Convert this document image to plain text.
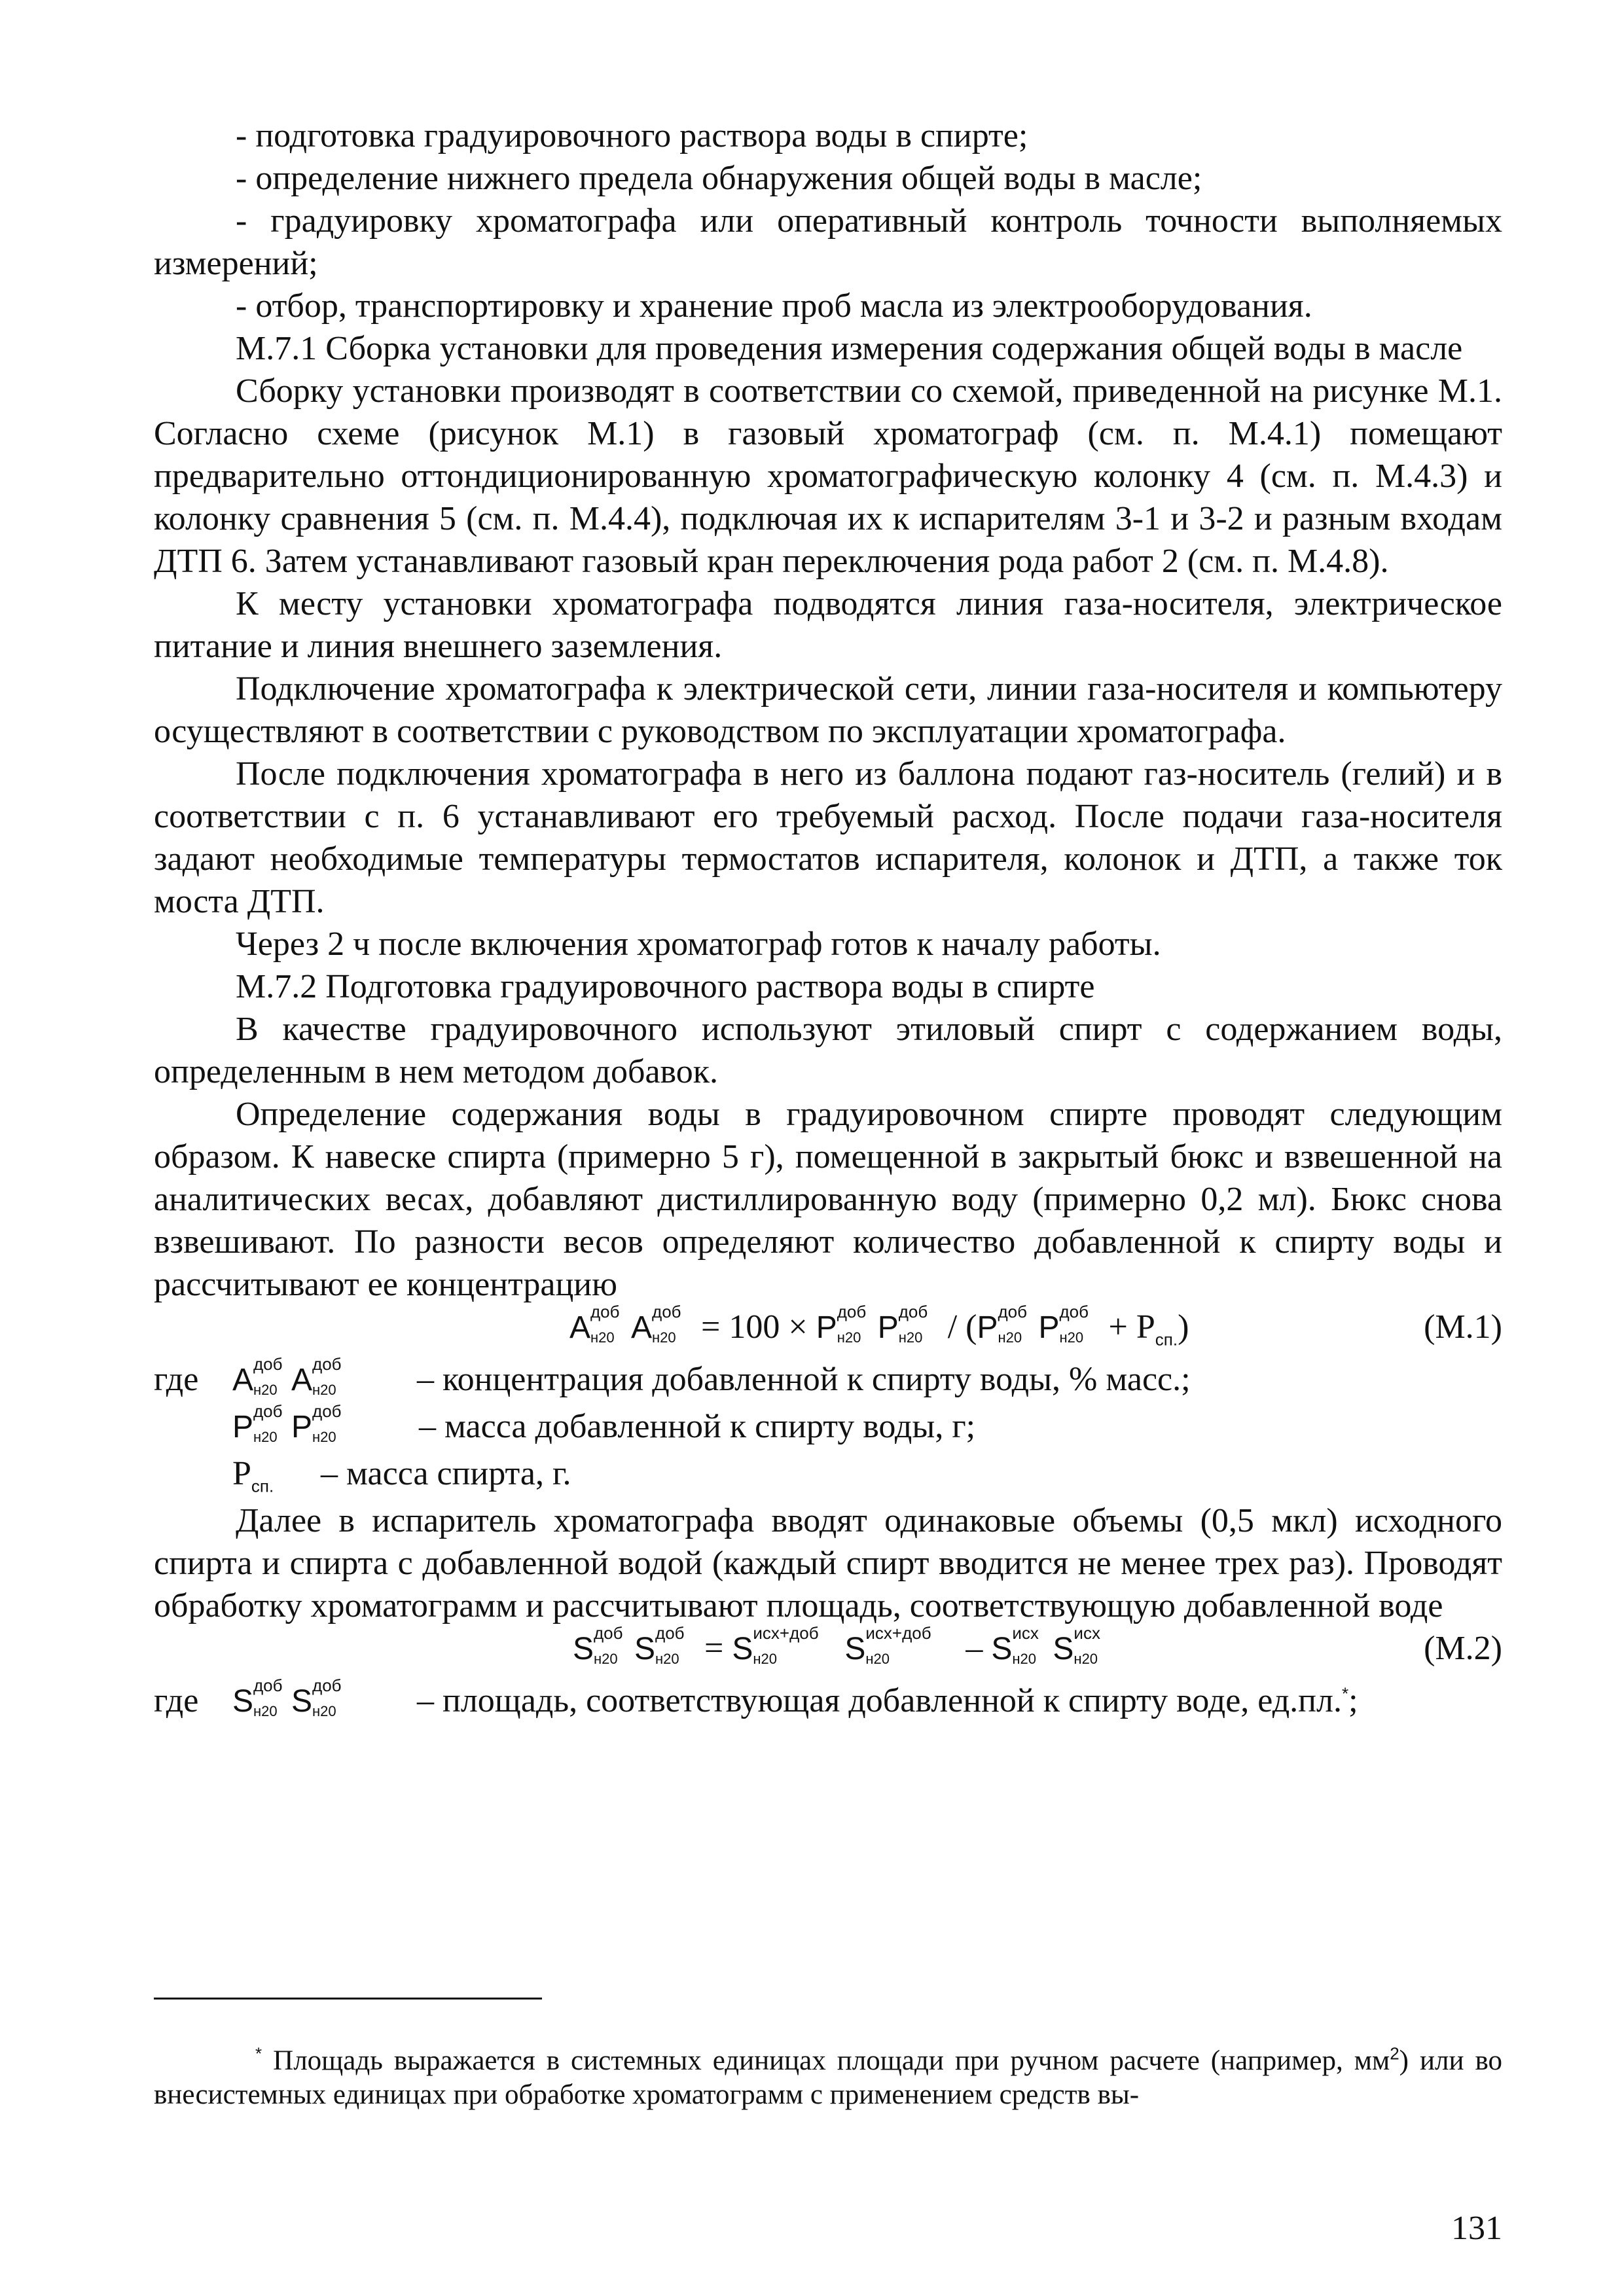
- подготовка градуировочного раствора воды в спирте;

- определение нижнего предела обнаружения общей воды в масле;

- градуировку хроматографа или оперативный контроль точности выполняемых измерений;

- отбор, транспортировку и хранение проб масла из электрооборудования.

М.7.1 Сборка установки для проведения измерения содержания общей воды в масле

Сборку установки производят в соответствии со схемой, приведенной на рисунке М.1. Согласно схеме (рисунок М.1) в газовый хроматограф (см. п. М.4.1) помещают предварительно оттондиционированную хроматографическую колонку 4 (см. п. М.4.3) и колонку сравнения 5 (см. п. М.4.4), подключая их к испарителям 3-1 и 3-2 и разным входам ДТП 6. Затем устанавливают газовый кран переключения рода работ 2 (см. п. М.4.8).

К месту установки хроматографа подводятся линия газа-носителя, электрическое питание и линия внешнего заземления.

Подключение хроматографа к электрической сети, линии газа-носителя и компьютеру осуществляют в соответствии с руководством по эксплуатации хроматографа.

После подключения хроматографа в него из баллона подают газ-носитель (гелий) и в соответствии с п. 6 устанавливают его требуемый расход. После подачи газа-носителя задают необходимые температуры термостатов испарителя, колонок и ДТП, а также ток моста ДТП.

Через 2 ч после включения хроматограф готов к началу работы.

М.7.2 Подготовка градуировочного раствора воды в спирте

В качестве градуировочного используют этиловый спирт с содержанием воды, определенным в нем методом добавок.

Определение содержания воды в градуировочном спирте проводят следующим образом. К навеске спирта (примерно 5 г), помещенной в закрытый бюкс и взвешенной на аналитических весах, добавляют дистиллированную воду (примерно 0,2 мл). Бюкс снова взвешивают. По разности весов определяют количество добавленной к спирту воды и рассчитывают ее концентрацию

А доб
н20 А доб
н20 = 100 × Р доб
н20 Р доб
н20 / (Р доб
н20 Р доб
$н20 + Р_{сп.}$)	(М.1)
где А доб
н20 А доб
н20 – концентрация добавленной к спирту воды, % масс.;
Р доб
н20 Р доб
н20 – масса добавленной к спирту воды, г;
$Р_{сп.}$ – масса спирта, г.

Далее в испаритель хроматографа вводят одинаковые объемы (0,5 мкл) исходного спирта и спирта с добавленной водой (каждый спирт вводится не менее трех раз). Проводят обработку хроматограмм и рассчитывают площадь, соответствующую добавленной воде

S доб
н20 S доб
н20 = S исх+доб
н20 S исх+доб
н20 – S исх
н20 S исх
н20	(М.2)
где S доб
н20 S доб
н20 – площадь, соответствующая добавленной к спирту воде, ед.пл.*;

* Площадь выражается в системных единицах площади при ручном расчете (например, $мм^2$) или во внесистемных единицах при обработке хроматограмм с применением средств вы-

131
